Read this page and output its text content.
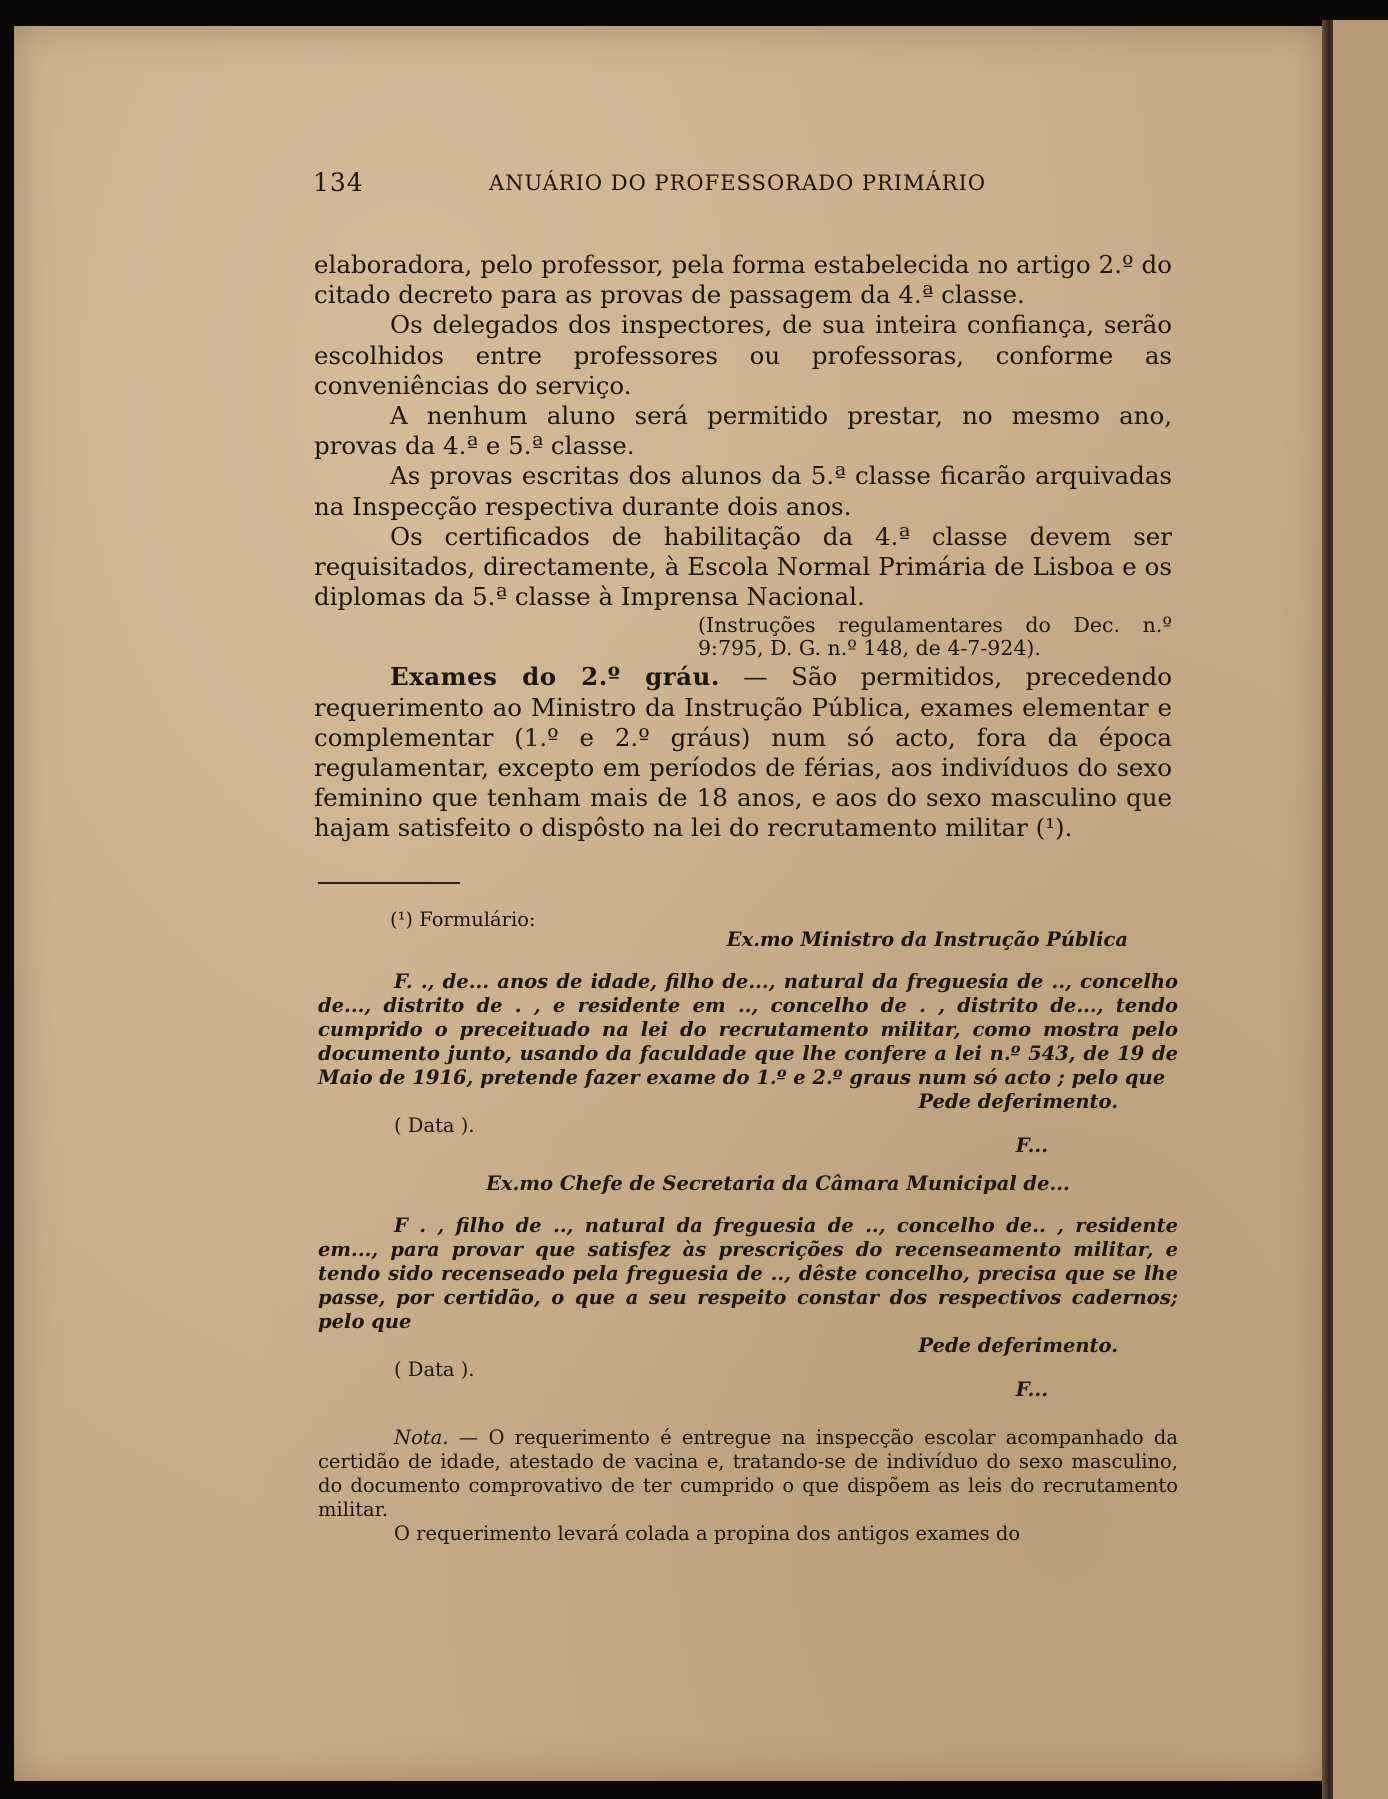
134	ANUÁRIO DO PROFESSORADO PRIMÁRIO

elaboradora, pelo professor, pela forma estabelecida no artigo 2.º do citado decreto para as provas de passagem da 4.ª classe.

Os delegados dos inspectores, de sua inteira confiança, serão escolhidos entre professores ou professoras, conforme as conveniências do serviço.

A nenhum aluno será permitido prestar, no mesmo ano, provas da 4.ª e 5.ª classe.

As provas escritas dos alunos da 5.ª classe ficarão arquivadas na Inspecção respectiva durante dois anos.

Os certificados de habilitação da 4.ª classe devem ser requisitados, directamente, à Escola Normal Primária de Lisboa e os diplomas da 5.ª classe à Imprensa Nacional.

(Instruções regulamentares do Dec. n.º 9:795, D. G. n.º 148, de 4-7-924).

Exames do 2.º gráu. — São permitidos, precedendo requerimento ao Ministro da Instrução Pública, exames elementar e complementar (1.º e 2.º gráus) num só acto, fora da época regulamentar, excepto em períodos de férias, aos indivíduos do sexo feminino que tenham mais de 18 anos, e aos do sexo masculino que hajam satisfeito o dispôsto na lei do recrutamento militar (¹).

(¹) Formulário:

Ex.mo Ministro da Instrução Pública

F. ., de... anos de idade, filho de..., natural da freguesia de .., concelho de..., distrito de . , e residente em .., concelho de . , distrito de..., tendo cumprido o preceituado na lei do recrutamento militar, como mostra pelo documento junto, usando da faculdade que lhe confere a lei n.º 543, de 19 de Maio de 1916, pretende fazer exame do 1.º e 2.º graus num só acto ; pelo que

Pede deferimento.

( Data ).

F...

Ex.mo Chefe de Secretaria da Câmara Municipal de...

F . , filho de .., natural da freguesia de .., concelho de.. , residente em..., para provar que satisfez às prescrições do recenseamento militar, e tendo sido recenseado pela freguesia de .., dêste concelho, precisa que se lhe passe, por certidão, o que a seu respeito constar dos respectivos cadernos; pelo que

Pede deferimento.

( Data ).

F...

Nota. — O requerimento é entregue na inspecção escolar acompanhado da certidão de idade, atestado de vacina e, tratando-se de indivíduo do sexo masculino, do documento comprovativo de ter cumprido o que dispõem as leis do recrutamento militar.

O requerimento levará colada a propina dos antigos exames do
